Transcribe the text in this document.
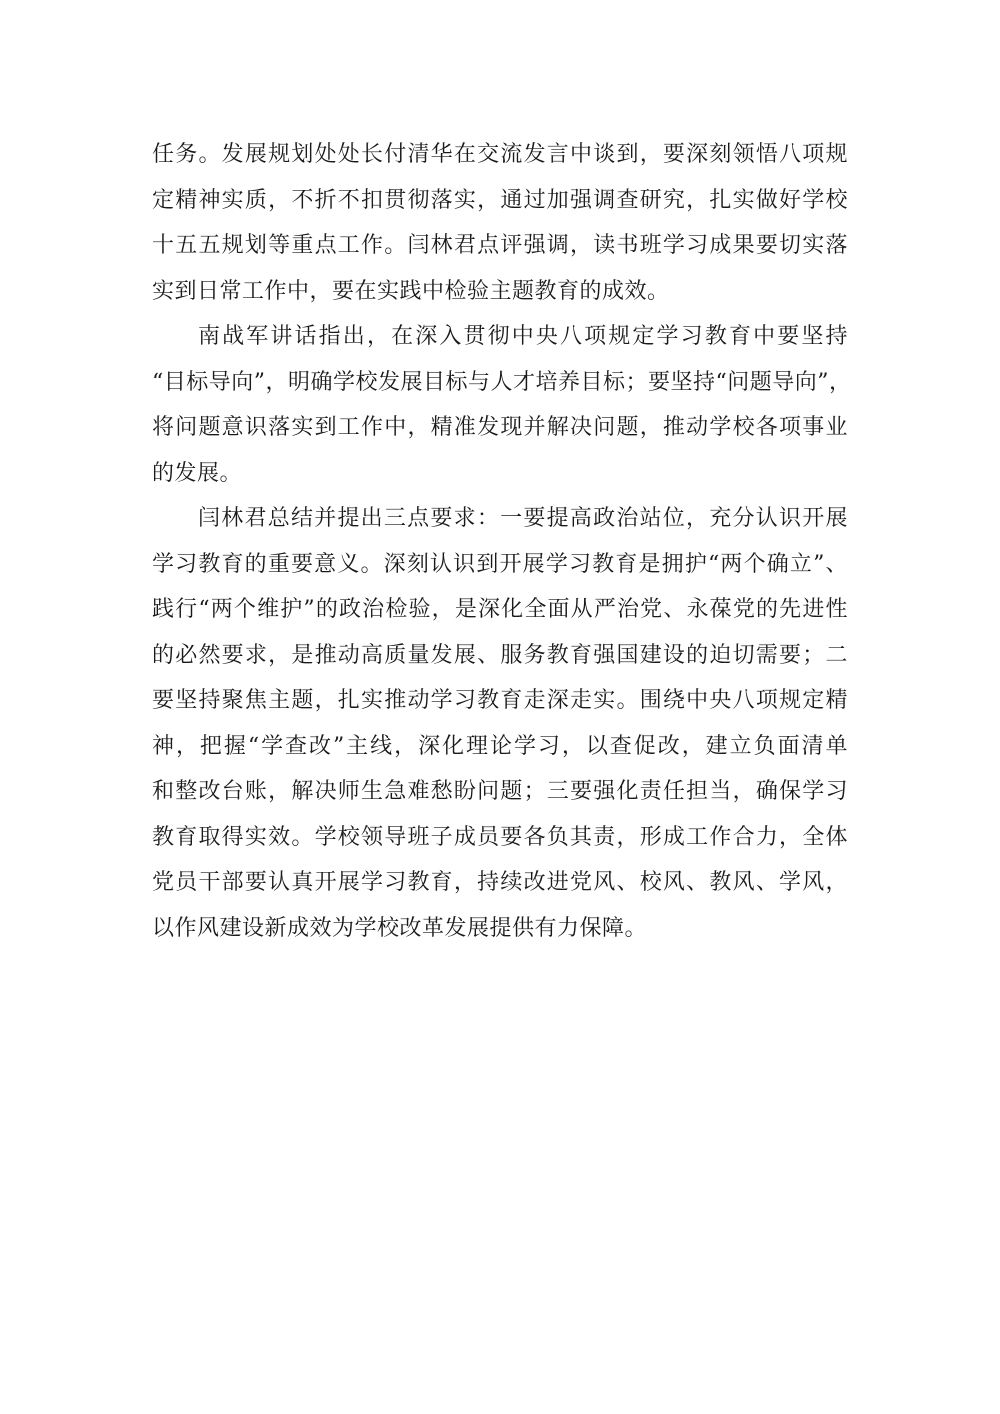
任务。发展规划处处长付清华在交流发言中谈到，要深刻领悟八项规
定精神实质，不折不扣贯彻落实，通过加强调查研究，扎实做好学校
十五五规划等重点工作。闫林君点评强调，读书班学习成果要切实落
实到日常工作中，要在实践中检验主题教育的成效。
南战军讲话指出，在深入贯彻中央八项规定学习教育中要坚持
“目标导向”，明确学校发展目标与人才培养目标；要坚持“问题导向”，
将问题意识落实到工作中，精准发现并解决问题，推动学校各项事业
的发展。
闫林君总结并提出三点要求：一要提高政治站位，充分认识开展
学习教育的重要意义。深刻认识到开展学习教育是拥护“两个确立”、
践行“两个维护”的政治检验，是深化全面从严治党、永葆党的先进性
的必然要求，是推动高质量发展、服务教育强国建设的迫切需要；二
要坚持聚焦主题，扎实推动学习教育走深走实。围绕中央八项规定精
神，把握“学查改”主线，深化理论学习，以查促改，建立负面清单
和整改台账，解决师生急难愁盼问题；三要强化责任担当，确保学习
教育取得实效。学校领导班子成员要各负其责，形成工作合力，全体
党员干部要认真开展学习教育，持续改进党风、校风、教风、学风，
以作风建设新成效为学校改革发展提供有力保障。
